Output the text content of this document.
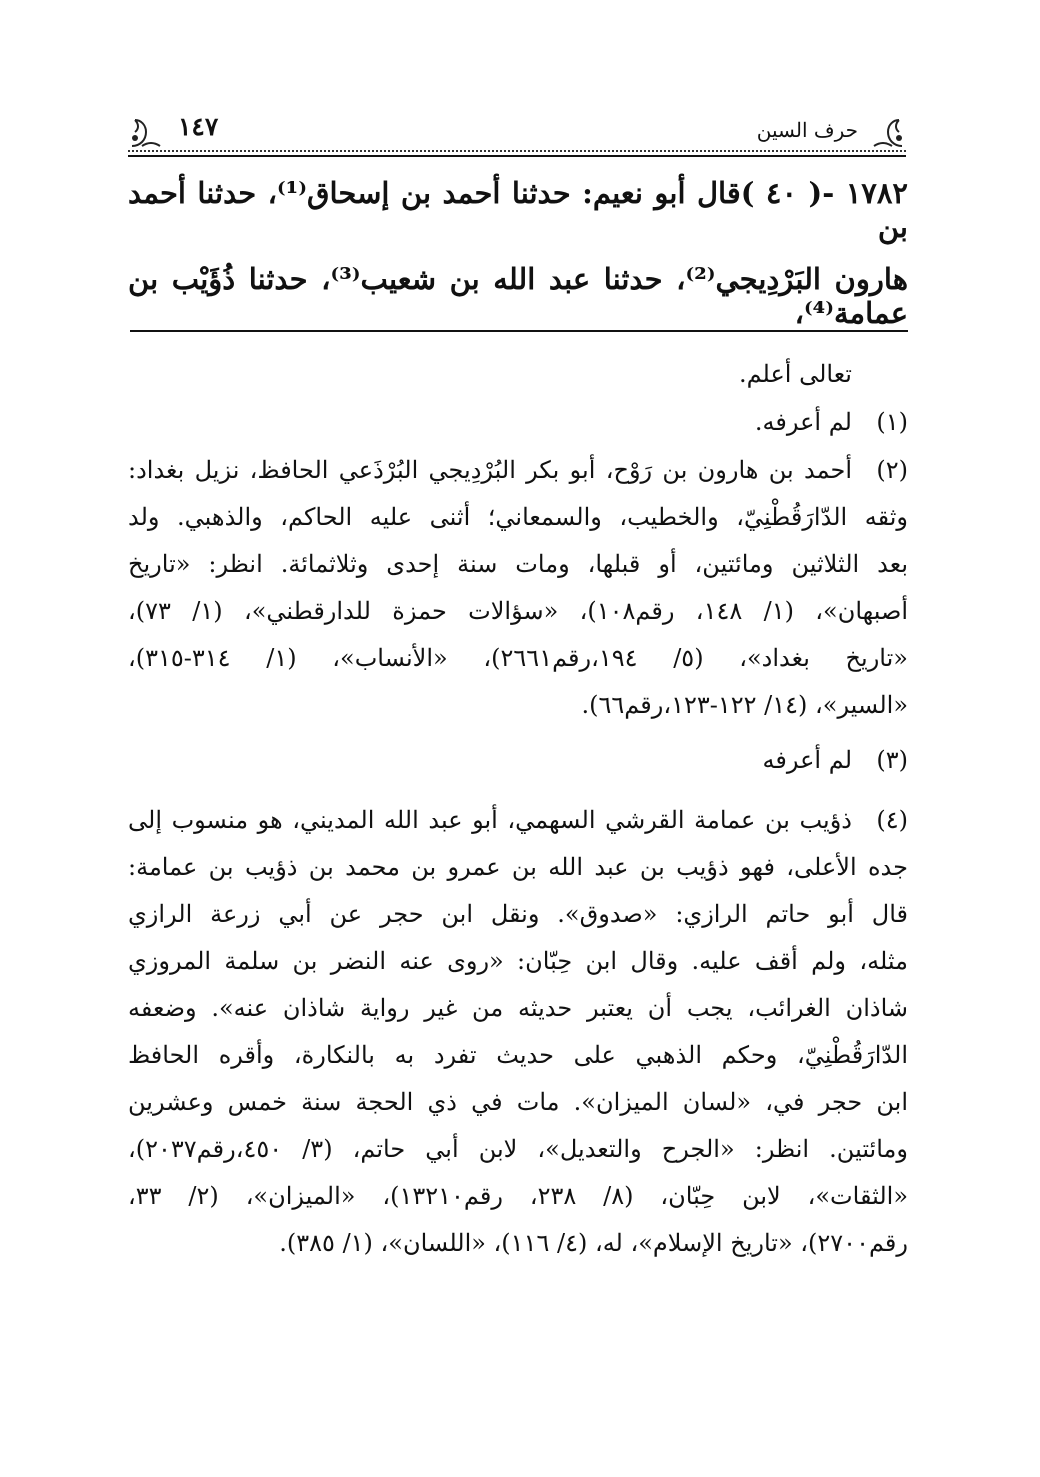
حرف السين
١٤٧
١٧٨٢ -( ٤٠ )قال أبو نعيم: حدثنا أحمد بن إسحاق⁽¹⁾، حدثنا أحمد بن
هارون البَرْدِيجي⁽²⁾، حدثنا عبد الله بن شعيب⁽³⁾، حدثنا ذُؤَيْب بن عمامة⁽⁴⁾،
تعالى أعلم.
(١)
لم أعرفه.
(٢)
أحمد بن هارون بن رَوْح، أبو بكر البُرْدِيجي البُرْذَعي الحافظ، نزيل بغداد:
وثقه الدّارَقُطْنِيّ، والخطيب، والسمعاني؛ أثنى عليه الحاكم، والذهبي. ولد
بعد الثلاثين ومائتين، أو قبلها، ومات سنة إحدى وثلاثمائة. انظر: «تاريخ
أصبهان»، (١/ ١٤٨، رقم١٠٨)، «سؤالات حمزة للدارقطني»، (١/ ٧٣)،
«تاريخ بغداد»، (٥/ ١٩٤،رقم٢٦٦١)، «الأنساب»، (١/ ٣١٤-٣١٥)،
«السير»، (١٤/ ١٢٢-١٢٣،رقم٦٦).
(٣)
لم أعرفه
(٤)
ذؤيب بن عمامة القرشي السهمي، أبو عبد الله المديني، هو منسوب إلى
جده الأعلى، فهو ذؤيب بن عبد الله بن عمرو بن محمد بن ذؤيب بن عمامة:
قال أبو حاتم الرازي: «صدوق». ونقل ابن حجر عن أبي زرعة الرازي
مثله، ولم أقف عليه. وقال ابن حِبّان: «روى عنه النضر بن سلمة المروزي
شاذان الغرائب، يجب أن يعتبر حديثه من غير رواية شاذان عنه». وضعفه
الدّارَقُطْنِيّ، وحكم الذهبي على حديث تفرد به بالنكارة، وأقره الحافظ
ابن حجر في، «لسان الميزان». مات في ذي الحجة سنة خمس وعشرين
ومائتين. انظر: «الجرح والتعديل»، لابن أبي حاتم، (٣/ ٤٥٠،رقم٢٠٣٧)،
«الثقات»، لابن حِبّان، (٨/ ٢٣٨، رقم١٣٢١٠)، «الميزان»، (٢/ ٣٣،
رقم٢٧٠٠)، «تاريخ الإسلام»، له، (٤/ ١١٦)، «اللسان»، (١/ ٣٨٥).
